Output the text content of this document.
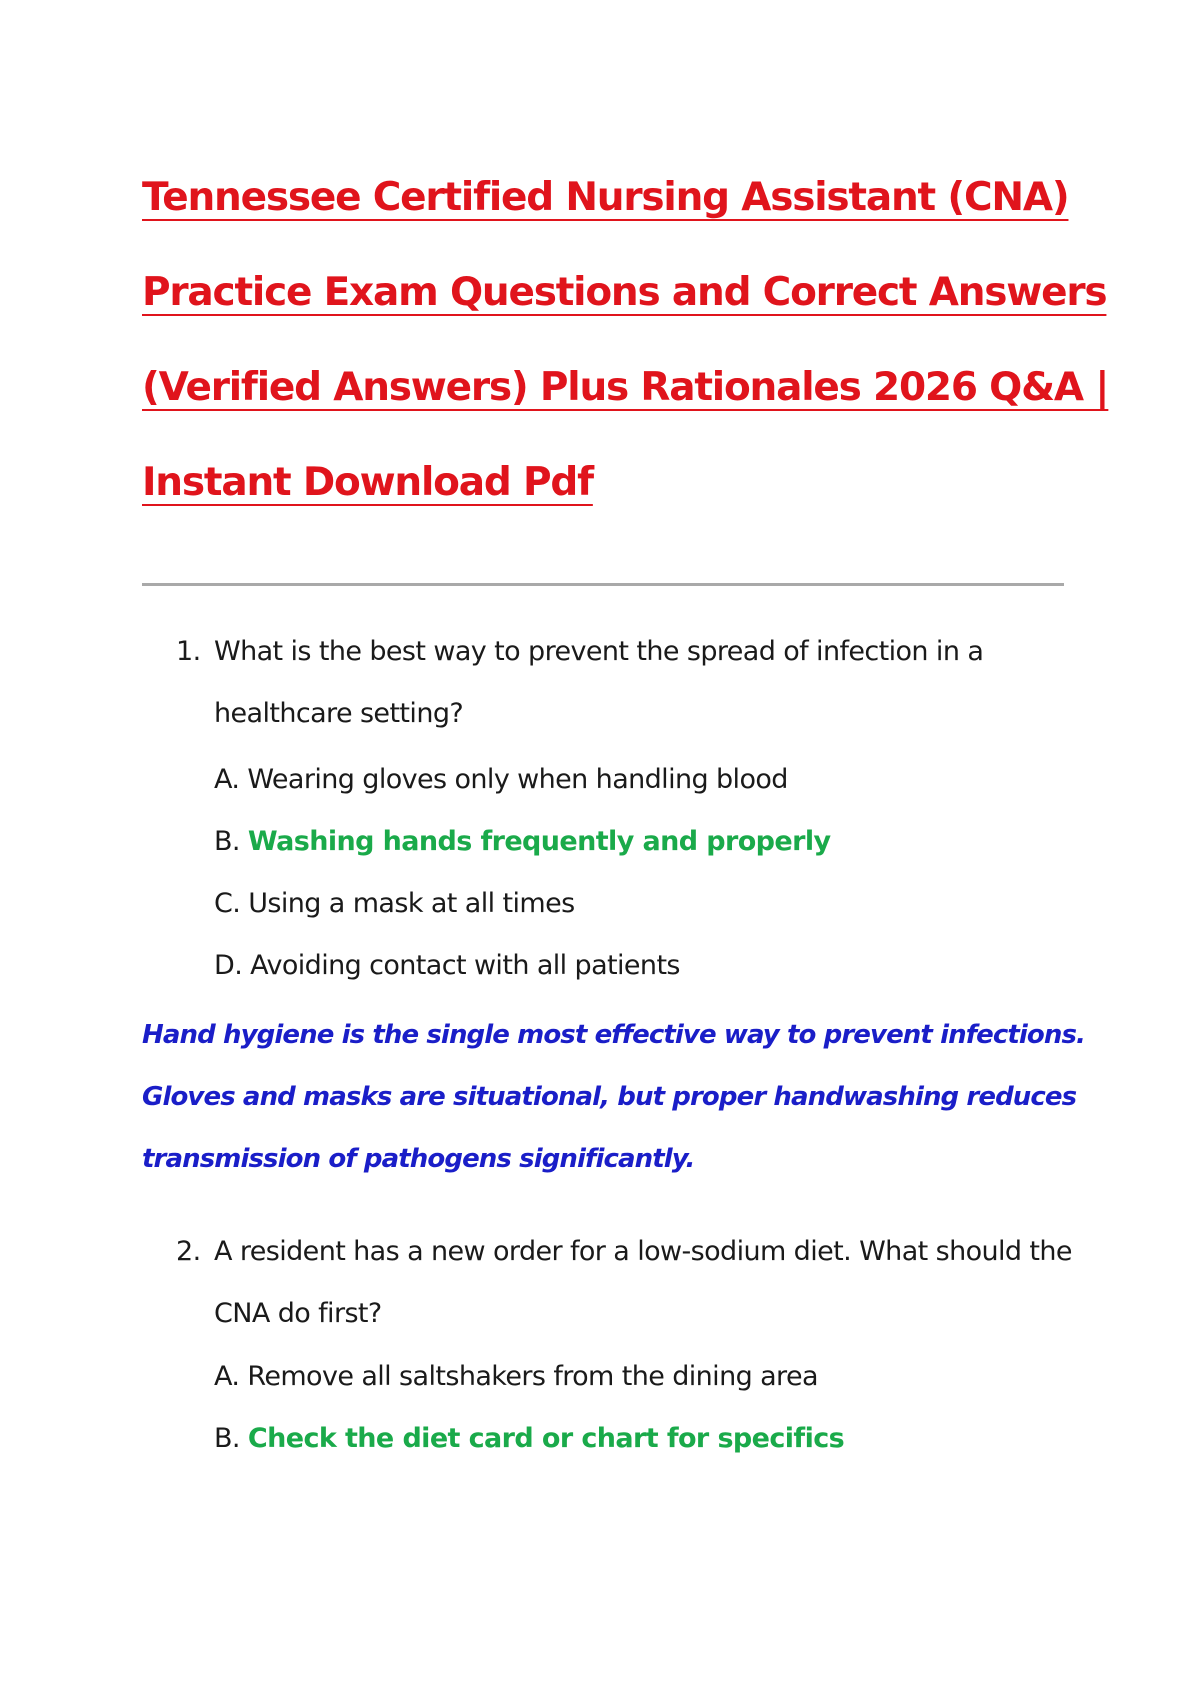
Tennessee Certified Nursing Assistant (CNA)
Practice Exam Questions and Correct Answers
(Verified Answers) Plus Rationales 2026 Q&A |
Instant Download Pdf
1. What is the best way to prevent the spread of infection in a
healthcare setting?
A. Wearing gloves only when handling blood
B. Washing hands frequently and properly
C. Using a mask at all times
D. Avoiding contact with all patients
Hand hygiene is the single most effective way to prevent infections.
Gloves and masks are situational, but proper handwashing reduces
transmission of pathogens significantly.
2. A resident has a new order for a low-sodium diet. What should the
CNA do first?
A. Remove all saltshakers from the dining area
B. Check the diet card or chart for specifics
